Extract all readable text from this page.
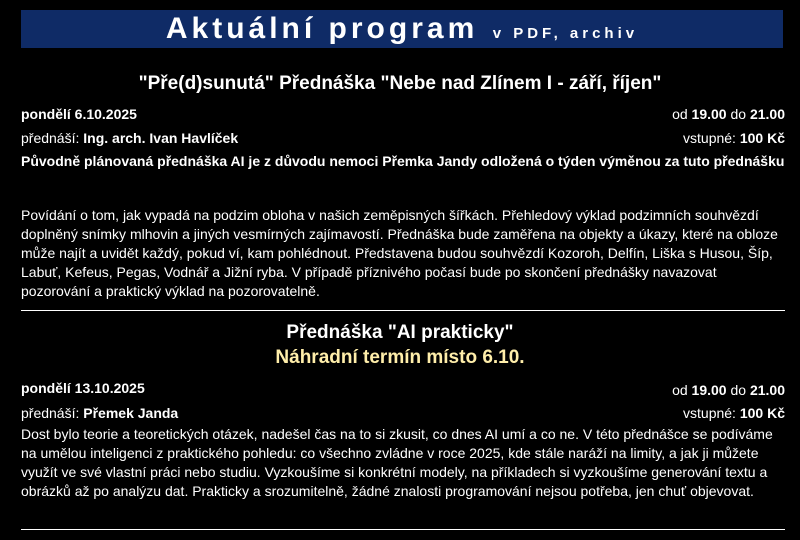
Aktuální program v PDF, archiv
"Pře(d)sunutá" Přednáška "Nebe nad Zlínem I - září, říjen"
pondělí 6.10.2025	od 19.00 do 21.00
přednáší: Ing. arch. Ivan Havlíček	vstupné: 100 Kč
Původně plánovaná přednáška AI je z důvodu nemoci Přemka Jandy odložená o týden výměnou za tuto přednášku
Povídání o tom, jak vypadá na podzim obloha v našich zeměpisných šířkách. Přehledový výklad podzimních souhvězdí doplněný snímky mlhovin a jiných vesmírných zajímavostí. Přednáška bude zaměřena na objekty a úkazy, které na obloze může najít a uvidět každý, pokud ví, kam pohlédnout. Představena budou souhvězdí Kozoroh, Delfín, Liška s Husou, Šíp, Labuť, Kefeus, Pegas, Vodnář a Jižní ryba. V případě příznivého počasí bude po skončení přednášky navazovat pozorování a praktický výklad na pozorovatelně.
Přednáška "AI prakticky"
Náhradní termín místo 6.10.
pondělí 13.10.2025	od 19.00 do 21.00
přednáší: Přemek Janda	vstupné: 100 Kč
Dost bylo teorie a teoretických otázek, nadešel čas na to si zkusit, co dnes AI umí a co ne. V této přednášce se podíváme na umělou inteligenci z praktického pohledu: co všechno zvládne v roce 2025, kde stále naráží na limity, a jak ji můžete využít ve své vlastní práci nebo studiu. Vyzkoušíme si konkrétní modely, na příkladech si vyzkoušíme generování textu a obrázků až po analýzu dat. Prakticky a srozumitelně, žádné znalosti programování nejsou potřeba, jen chuť objevovat.
